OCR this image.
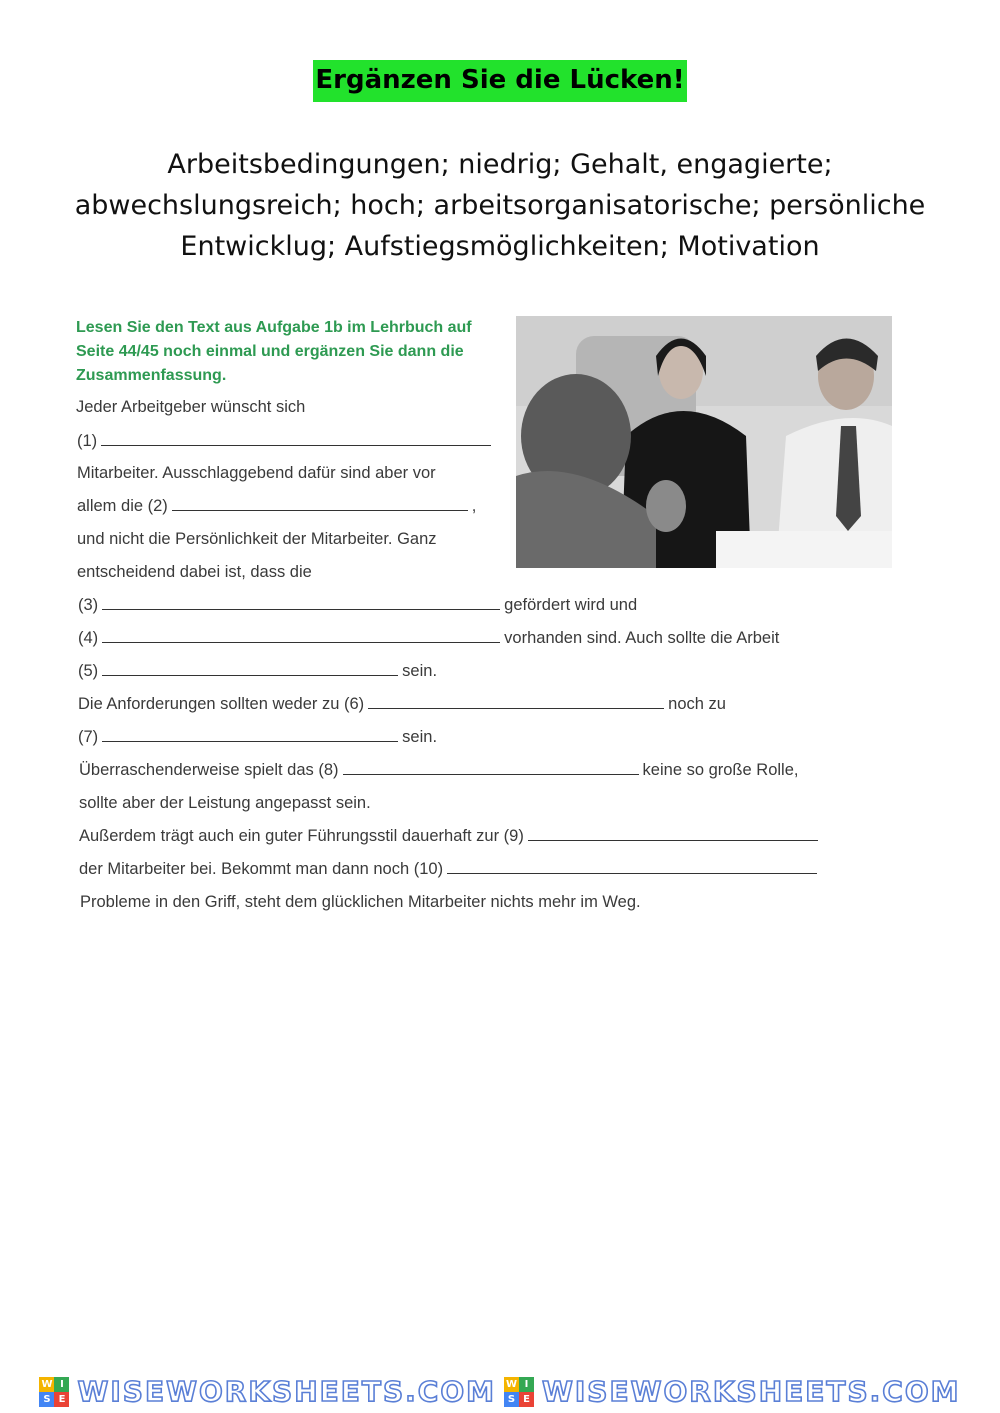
Ergänzen Sie die Lücken!
Arbeitsbedingungen; niedrig; Gehalt, engagierte;
abwechslungsreich; hoch; arbeitsorganisatorische; persönliche
Entwicklug; Aufstiegsmöglichkeiten; Motivation
Lesen Sie den Text aus Aufgabe 1b im Lehrbuch auf Seite 44/45 noch einmal und ergänzen Sie dann die Zusammenfassung.
Jeder Arbeitgeber wünscht sich
(1)
Mitarbeiter. Ausschlaggebend dafür sind aber vor
allem die (2)	,
und nicht die Persönlichkeit der Mitarbeiter. Ganz
entscheidend dabei ist, dass die
(3)	gefördert wird und
(4)	vorhanden sind. Auch sollte die Arbeit
(5)	sein.
Die Anforderungen sollten weder zu (6)	noch zu
(7)	sein.
Überraschenderweise spielt das (8)	keine so große Rolle,
sollte aber der Leistung angepasst sein.
Außerdem trägt auch ein guter Führungsstil dauerhaft zur (9)
der Mitarbeiter bei. Bekommt man dann noch (10)
Probleme in den Griff, steht dem glücklichen Mitarbeiter nichts mehr im Weg.
W I
S E WISEWORKSHEETS.COM W I
S E WISEWORKSHEETS.COM
